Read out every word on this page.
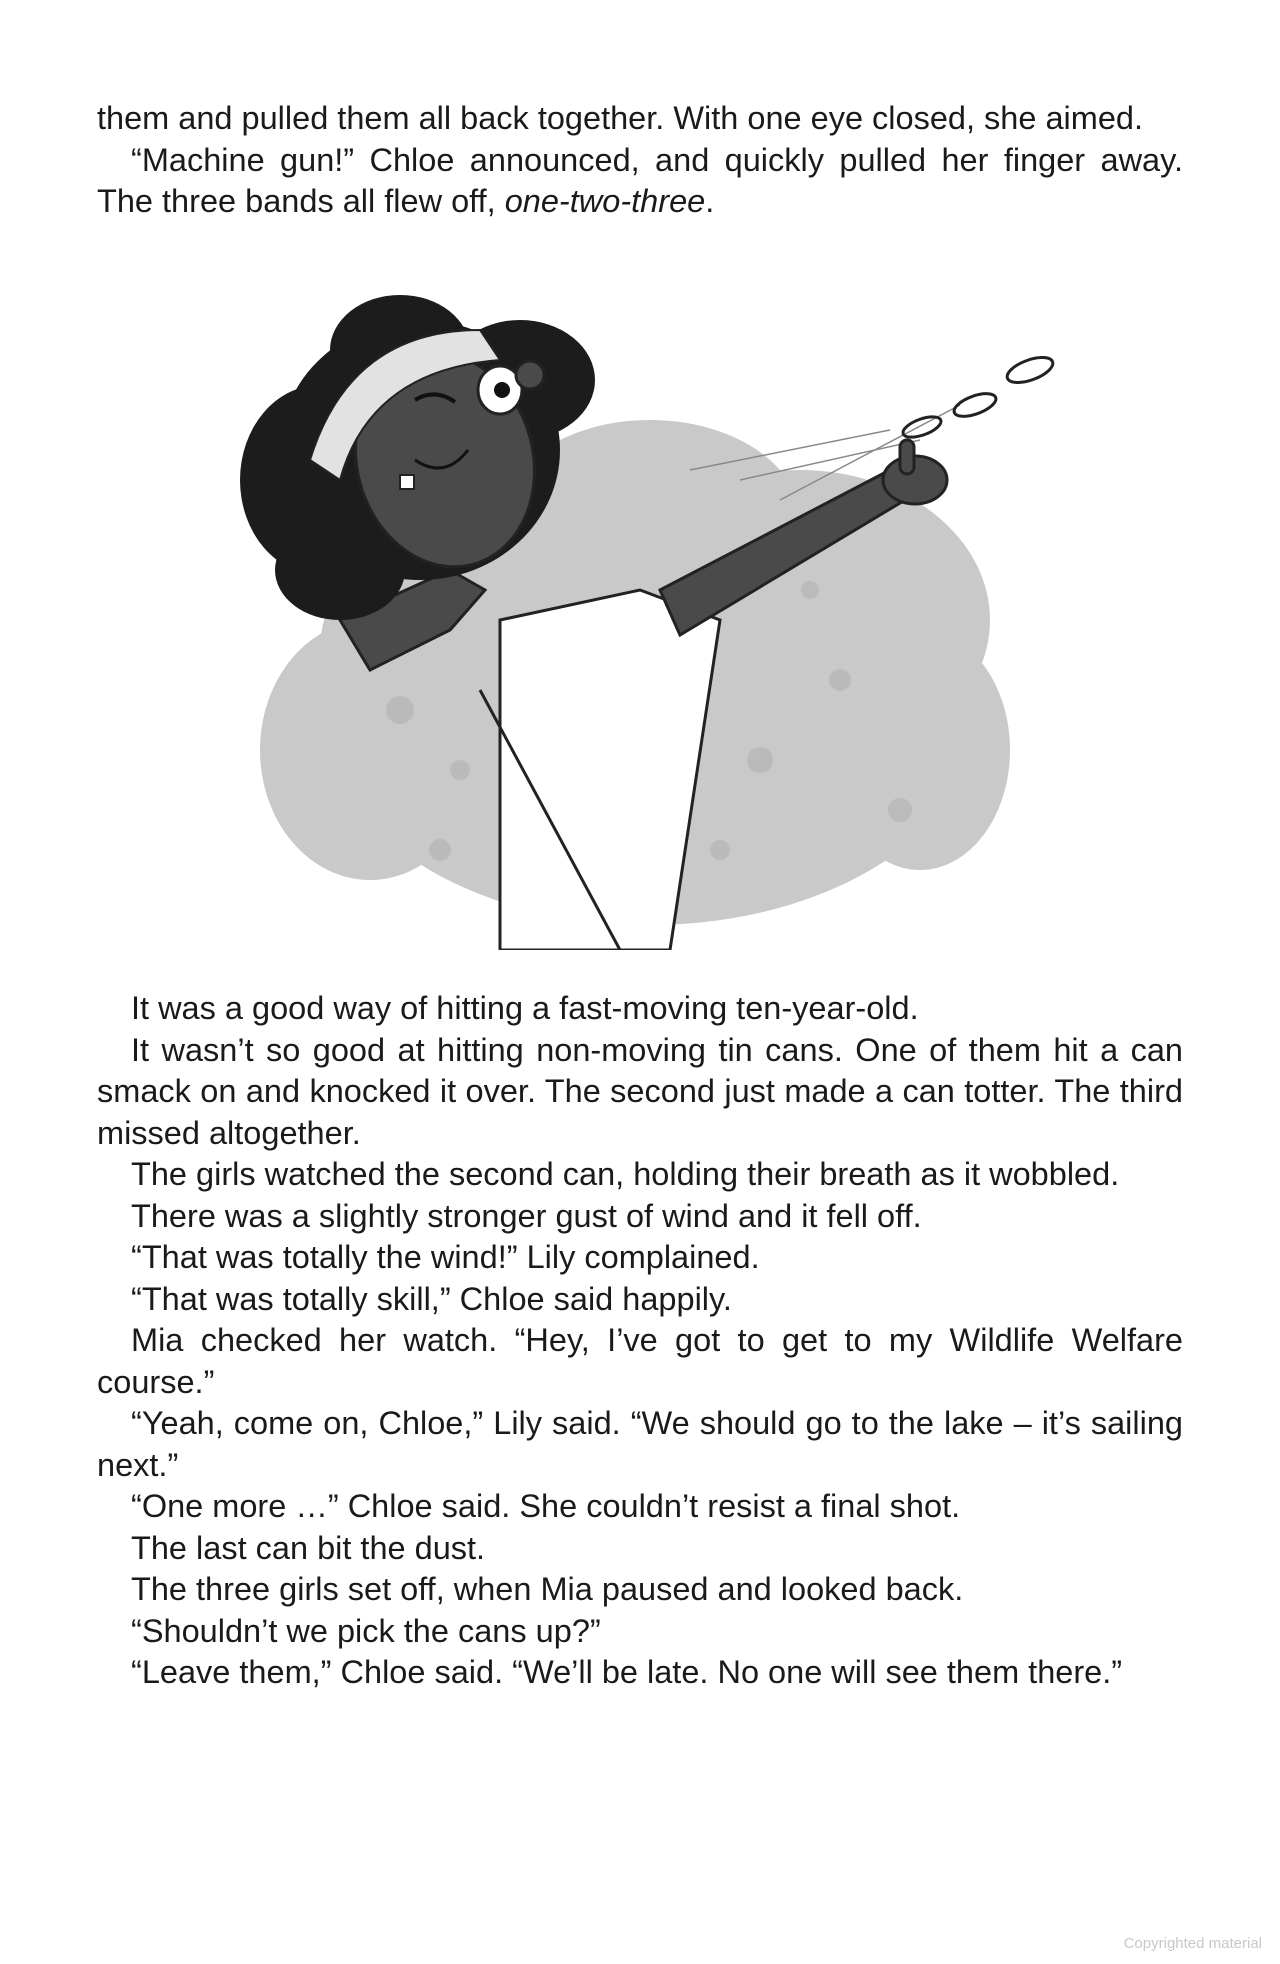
them and pulled them all back together. With one eye closed, she aimed.

“Machine gun!” Chloe announced, and quickly pulled her finger away. The three bands all flew off, one-two-three.

It was a good way of hitting a fast-moving ten-year-old.

It wasn’t so good at hitting non-moving tin cans. One of them hit a can smack on and knocked it over. The second just made a can totter. The third missed altogether.

The girls watched the second can, holding their breath as it wobbled.

There was a slightly stronger gust of wind and it fell off.

“That was totally the wind!” Lily complained.

“That was totally skill,” Chloe said happily.

Mia checked her watch. “Hey, I’ve got to get to my Wildlife Welfare course.”

“Yeah, come on, Chloe,” Lily said. “We should go to the lake – it’s sailing next.”

“One more …” Chloe said. She couldn’t resist a final shot.

The last can bit the dust.

The three girls set off, when Mia paused and looked back.

“Shouldn’t we pick the cans up?”

“Leave them,” Chloe said. “We’ll be late. No one will see them there.”

Copyrighted material
